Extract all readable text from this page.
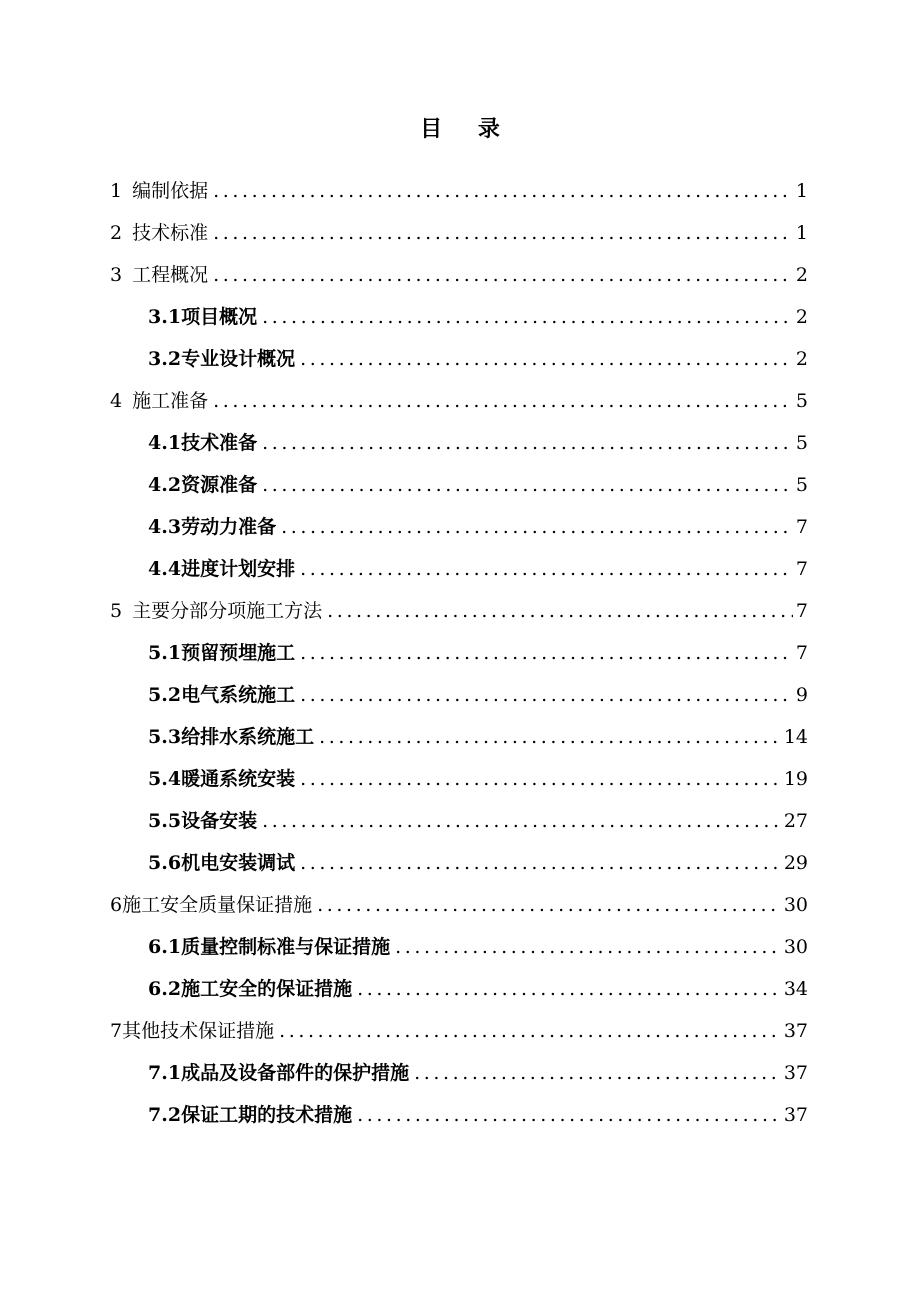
目 录
1 编制依据 .....	1
2 技术标准 .....	1
3 工程概况 .....	2
3.1 项目概况 .....	2
3.2 专业设计概况 .....	2
4 施工准备 .....	5
4.1 技术准备 .....	5
4.2 资源准备 .....	5
4.3 劳动力准备 .....	7
4.4 进度计划安排 .....	7
5 主要分部分项施工方法 .....	7
5.1 预留预埋施工 .....	7
5.2 电气系统施工 .....	9
5.3 给排水系统施工 .....	14
5.4 暖通系统安装 .....	19
5.5 设备安装 .....	27
5.6 机电安装调试 .....	29
6 施工安全质量保证措施 .....	30
6.1 质量控制标准与保证措施 .....	30
6.2 施工安全的保证措施 .....	34
7 其他技术保证措施 .....	37
7.1 成品及设备部件的保护措施 .....	37
7.2 保证工期的技术措施 .....	37
